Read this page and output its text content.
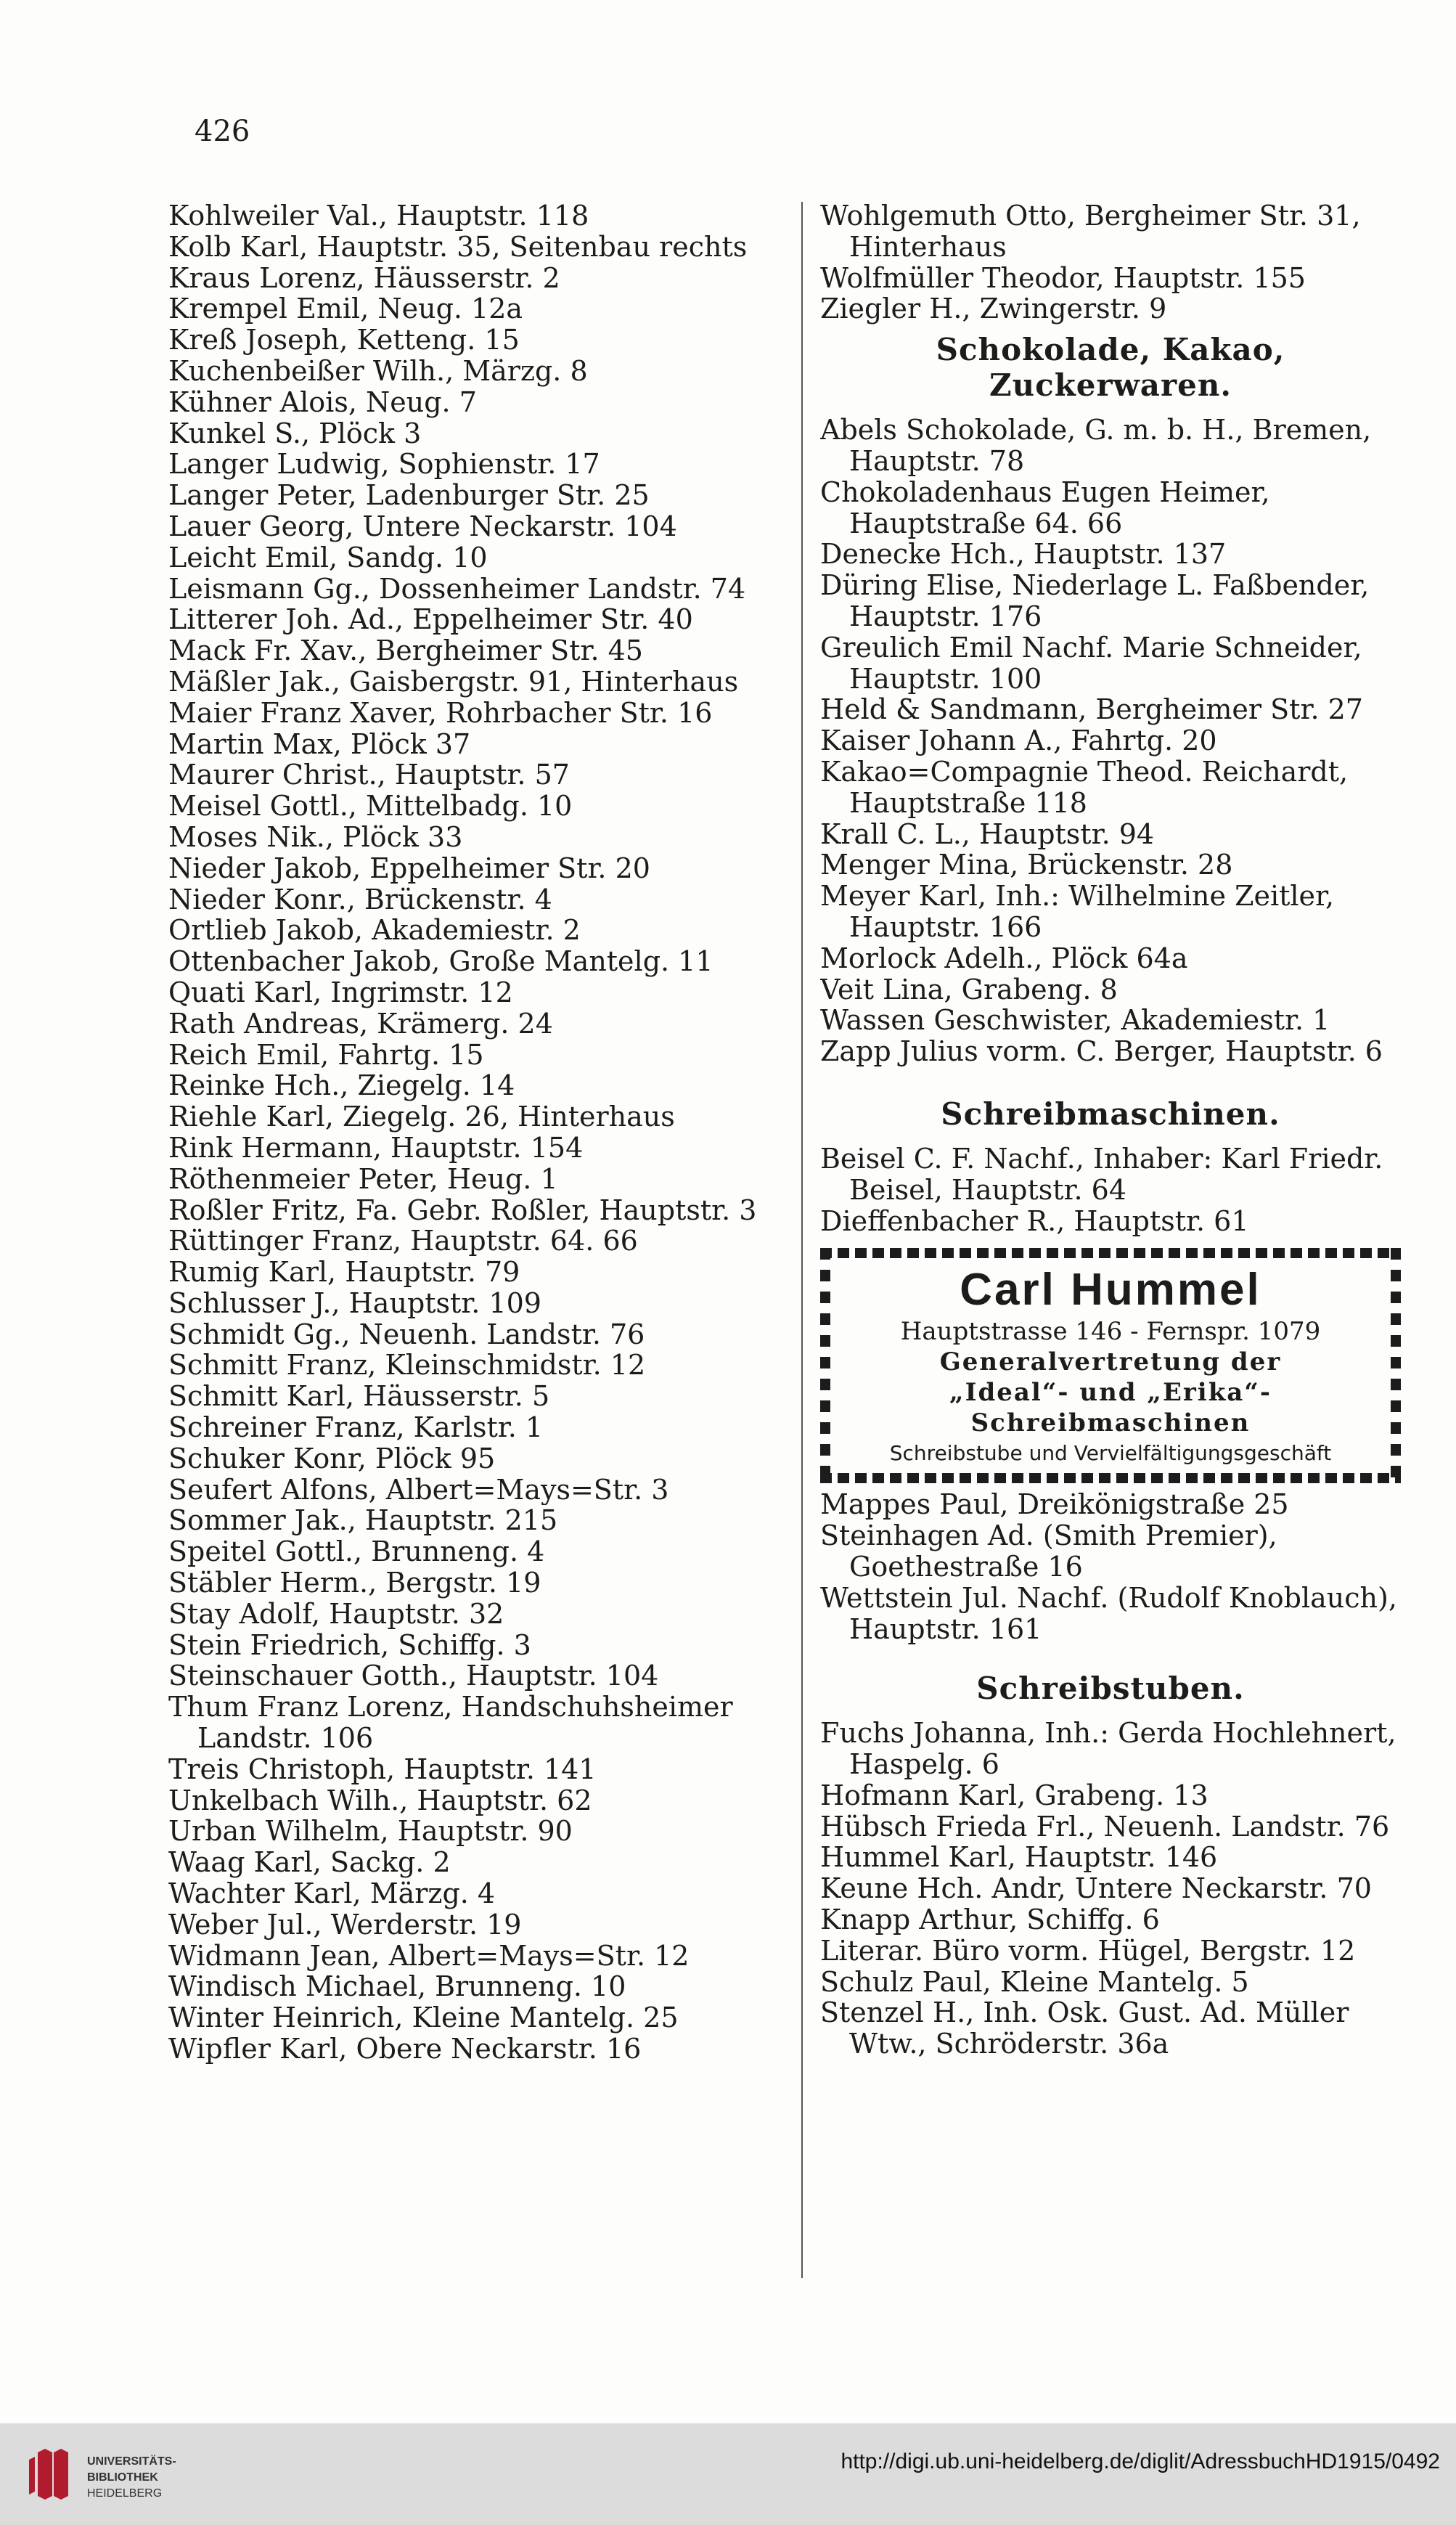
426
Kohlweiler Val., Hauptstr. 118
Kolb Karl, Hauptstr. 35, Seitenbau rechts
Kraus Lorenz, Häusserstr. 2
Krempel Emil, Neug. 12a
Kreß Joseph, Ketteng. 15
Kuchenbeißer Wilh., Märzg. 8
Kühner Alois, Neug. 7
Kunkel S., Plöck 3
Langer Ludwig, Sophienstr. 17
Langer Peter, Ladenburger Str. 25
Lauer Georg, Untere Neckarstr. 104
Leicht Emil, Sandg. 10
Leismann Gg., Dossenheimer Landstr. 74
Litterer Joh. Ad., Eppelheimer Str. 40
Mack Fr. Xav., Bergheimer Str. 45
Mäßler Jak., Gaisbergstr. 91, Hinterhaus
Maier Franz Xaver, Rohrbacher Str. 16
Martin Max, Plöck 37
Maurer Christ., Hauptstr. 57
Meisel Gottl., Mittelbadg. 10
Moses Nik., Plöck 33
Nieder Jakob, Eppelheimer Str. 20
Nieder Konr., Brückenstr. 4
Ortlieb Jakob, Akademiestr. 2
Ottenbacher Jakob, Große Mantelg. 11
Quati Karl, Ingrimstr. 12
Rath Andreas, Krämerg. 24
Reich Emil, Fahrtg. 15
Reinke Hch., Ziegelg. 14
Riehle Karl, Ziegelg. 26, Hinterhaus
Rink Hermann, Hauptstr. 154
Röthenmeier Peter, Heug. 1
Roßler Fritz, Fa. Gebr. Roßler, Hauptstr. 3
Rüttinger Franz, Hauptstr. 64. 66
Rumig Karl, Hauptstr. 79
Schlusser J., Hauptstr. 109
Schmidt Gg., Neuenh. Landstr. 76
Schmitt Franz, Kleinschmidstr. 12
Schmitt Karl, Häusserstr. 5
Schreiner Franz, Karlstr. 1
Schuker Konr, Plöck 95
Seufert Alfons, Albert=Mays=Str. 3
Sommer Jak., Hauptstr. 215
Speitel Gottl., Brunneng. 4
Stäbler Herm., Bergstr. 19
Stay Adolf, Hauptstr. 32
Stein Friedrich, Schiffg. 3
Steinschauer Gotth., Hauptstr. 104
Thum Franz Lorenz, Handschuhsheimer Landstr. 106
Treis Christoph, Hauptstr. 141
Unkelbach Wilh., Hauptstr. 62
Urban Wilhelm, Hauptstr. 90
Waag Karl, Sackg. 2
Wachter Karl, Märzg. 4
Weber Jul., Werderstr. 19
Widmann Jean, Albert=Mays=Str. 12
Windisch Michael, Brunneng. 10
Winter Heinrich, Kleine Mantelg. 25
Wipfler Karl, Obere Neckarstr. 16
Wohlgemuth Otto, Bergheimer Str. 31, Hinterhaus
Wolfmüller Theodor, Hauptstr. 155
Ziegler H., Zwingerstr. 9
Schokolade, Kakao, Zuckerwaren.
Abels Schokolade, G. m. b. H., Bremen, Hauptstr. 78
Chokoladenhaus Eugen Heimer, Hauptstraße 64. 66
Denecke Hch., Hauptstr. 137
Düring Elise, Niederlage L. Faßbender, Hauptstr. 176
Greulich Emil Nachf. Marie Schneider, Hauptstr. 100
Held & Sandmann, Bergheimer Str. 27
Kaiser Johann A., Fahrtg. 20
Kakao=Compagnie Theod. Reichardt, Hauptstraße 118
Krall C. L., Hauptstr. 94
Menger Mina, Brückenstr. 28
Meyer Karl, Inh.: Wilhelmine Zeitler, Hauptstr. 166
Morlock Adelh., Plöck 64a
Veit Lina, Grabeng. 8
Wassen Geschwister, Akademiestr. 1
Zapp Julius vorm. C. Berger, Hauptstr. 6
Schreibmaschinen.
Beisel C. F. Nachf., Inhaber: Karl Friedr. Beisel, Hauptstr. 64
Dieffenbacher R., Hauptstr. 61
Carl Hummel
Hauptstrasse 146 - Fernspr. 1079
Generalvertretung der
„Ideal“- und „Erika“-
Schreibmaschinen
Schreibstube und Vervielfältigungsgeschäft
Mappes Paul, Dreikönigstraße 25
Steinhagen Ad. (Smith Premier), Goethestraße 16
Wettstein Jul. Nachf. (Rudolf Knoblauch), Hauptstr. 161
Schreibstuben.
Fuchs Johanna, Inh.: Gerda Hochlehnert, Haspelg. 6
Hofmann Karl, Grabeng. 13
Hübsch Frieda Frl., Neuenh. Landstr. 76
Hummel Karl, Hauptstr. 146
Keune Hch. Andr, Untere Neckarstr. 70
Knapp Arthur, Schiffg. 6
Literar. Büro vorm. Hügel, Bergstr. 12
Schulz Paul, Kleine Mantelg. 5
Stenzel H., Inh. Osk. Gust. Ad. Müller Wtw., Schröderstr. 36a
UNIVERSITÄTS-
BIBLIOTHEK
HEIDELBERG
http://digi.ub.uni-heidelberg.de/diglit/AdressbuchHD1915/0492
